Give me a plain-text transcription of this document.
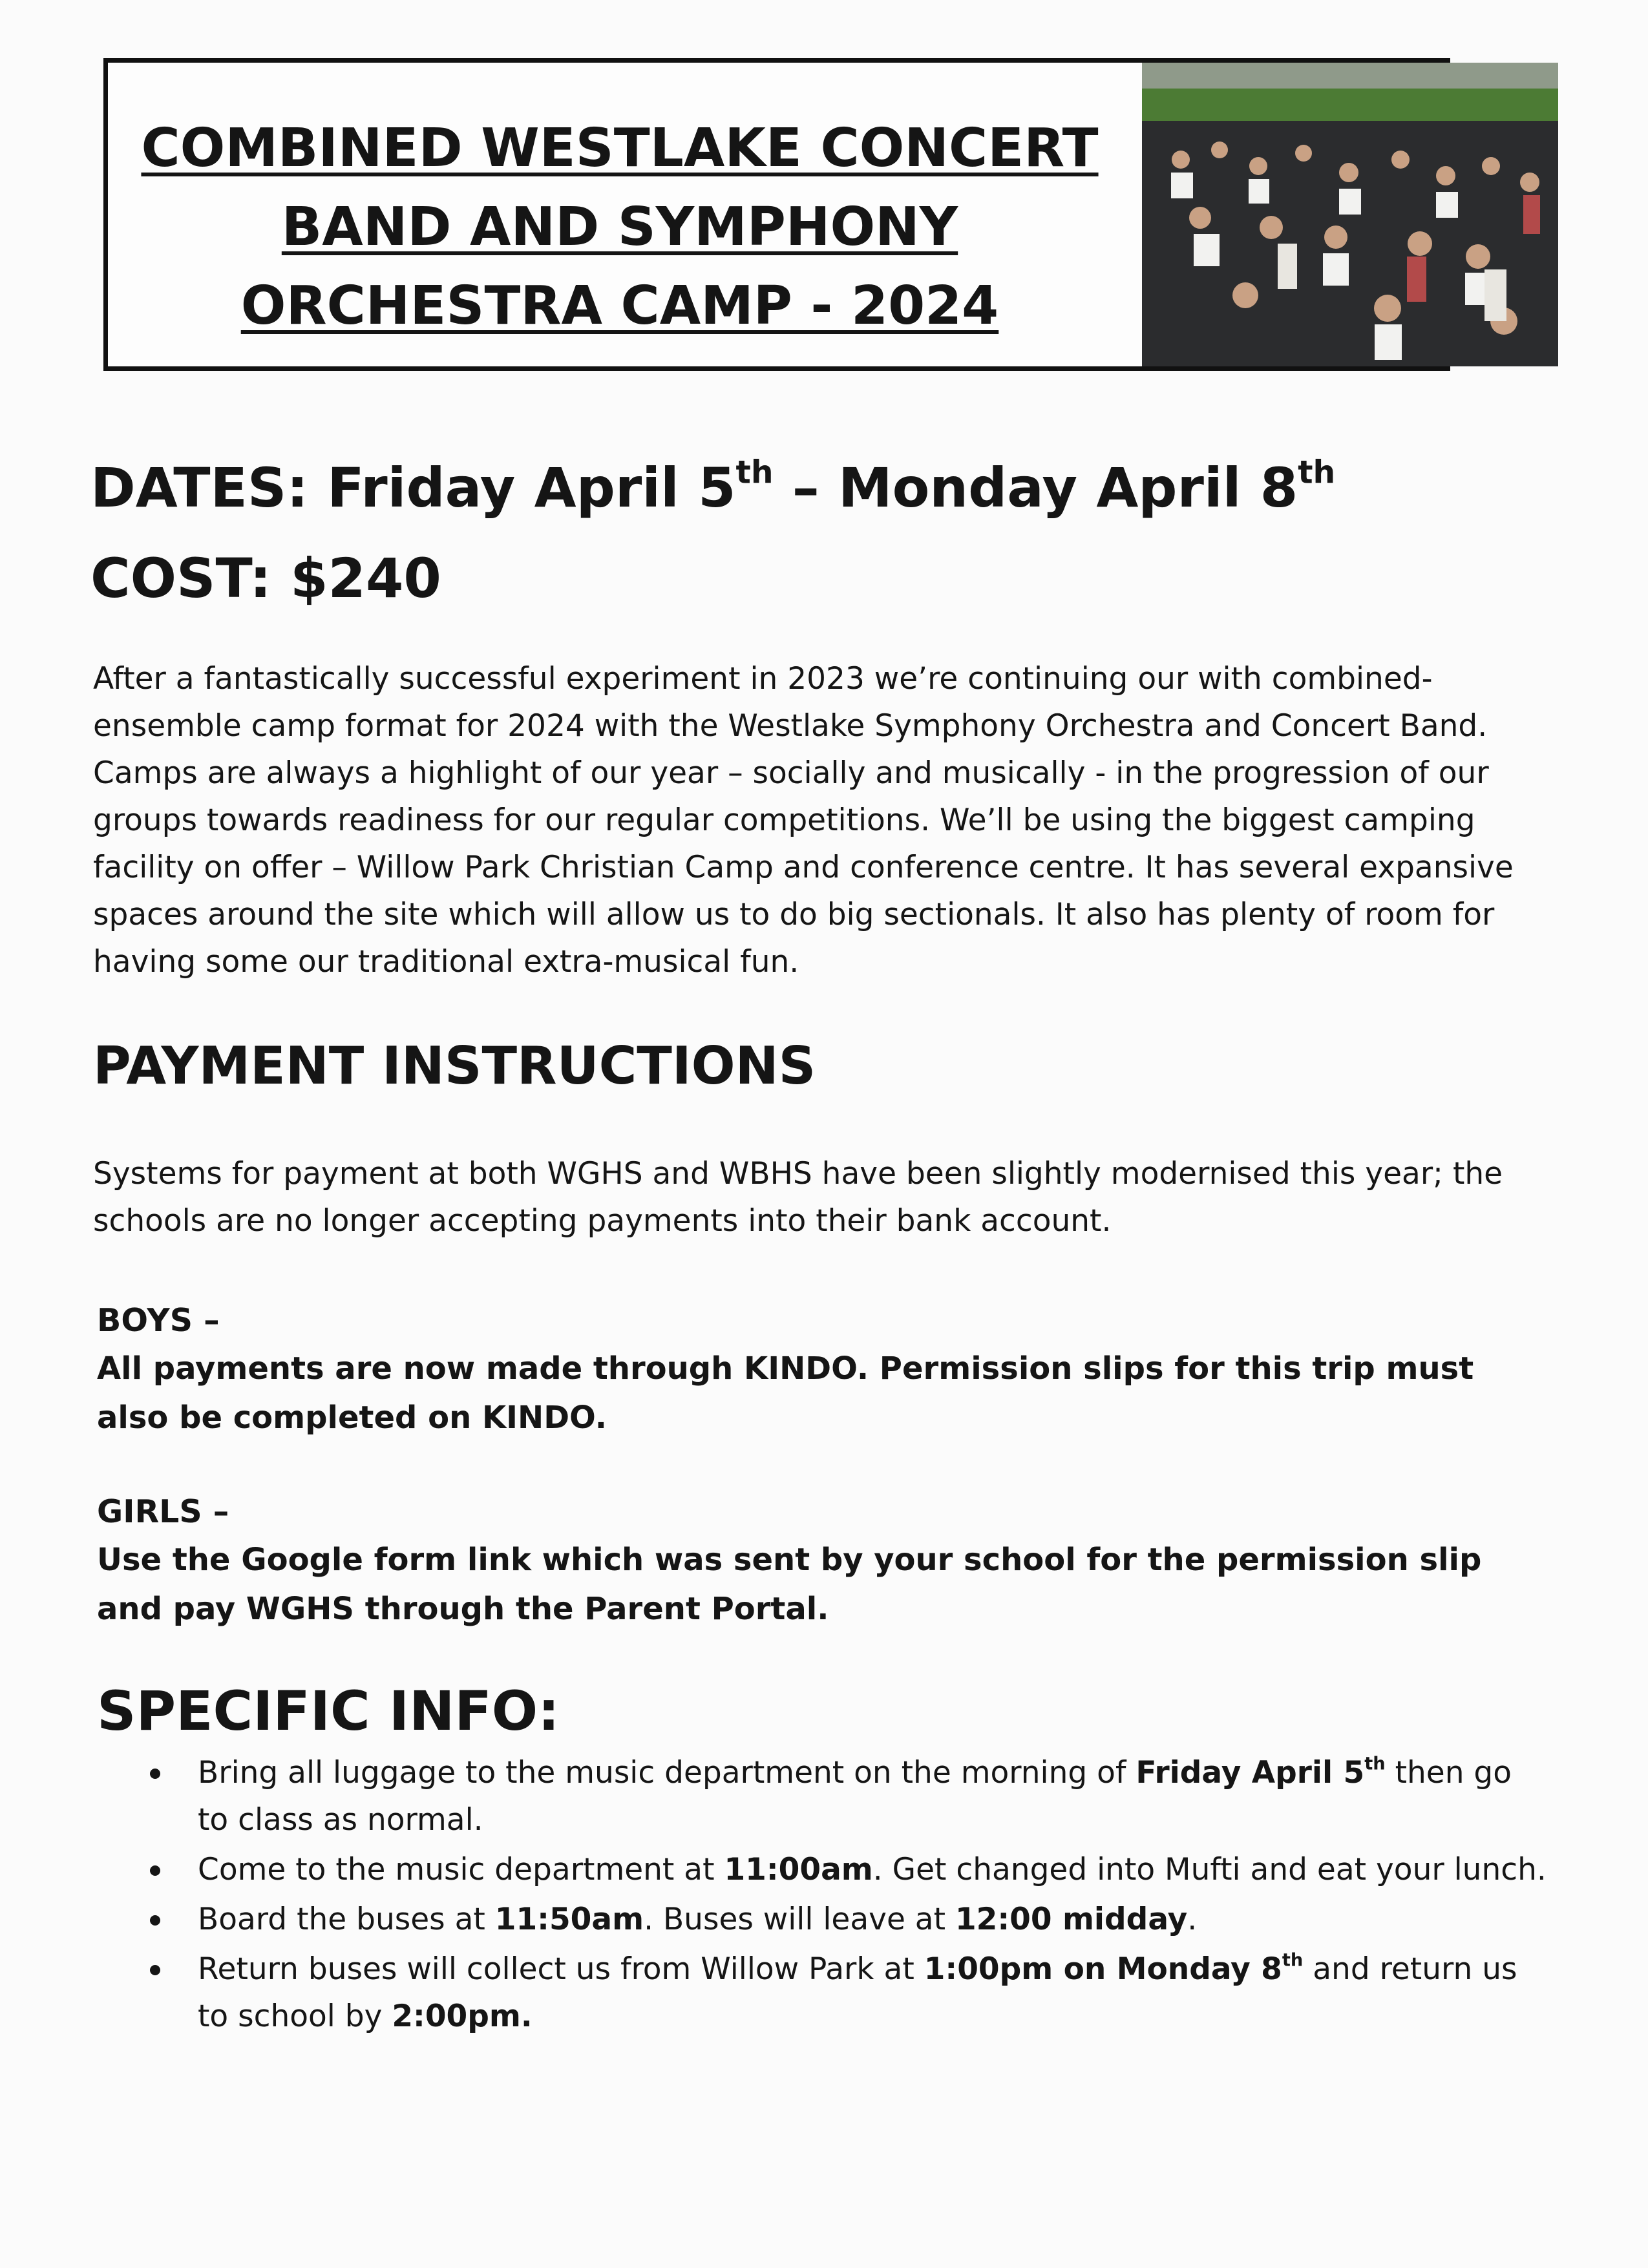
COMBINED WESTLAKE CONCERT
BAND AND SYMPHONY
ORCHESTRA CAMP - 2024
DATES: Friday April 5th – Monday April 8th
COST: $240
After a fantastically successful experiment in 2023 we’re continuing our with combined-ensemble camp format for 2024 with the Westlake Symphony Orchestra and Concert Band. Camps are always a highlight of our year – socially and musically - in the progression of our groups towards readiness for our regular competitions. We’ll be using the biggest camping facility on offer – Willow Park Christian Camp and conference centre. It has several expansive spaces around the site which will allow us to do big sectionals. It also has plenty of room for having some our traditional extra-musical fun.
PAYMENT INSTRUCTIONS
Systems for payment at both WGHS and WBHS have been slightly modernised this year; the schools are no longer accepting payments into their bank account.
BOYS –
All payments are now made through KINDO. Permission slips for this trip must also be completed on KINDO.
GIRLS –
Use the Google form link which was sent by your school for the permission slip and pay WGHS through the Parent Portal.
SPECIFIC INFO:
Bring all luggage to the music department on the morning of Friday April 5th then go to class as normal.
Come to the music department at 11:00am. Get changed into Mufti and eat your lunch.
Board the buses at 11:50am. Buses will leave at 12:00 midday.
Return buses will collect us from Willow Park at 1:00pm on Monday 8th and return us to school by 2:00pm.
